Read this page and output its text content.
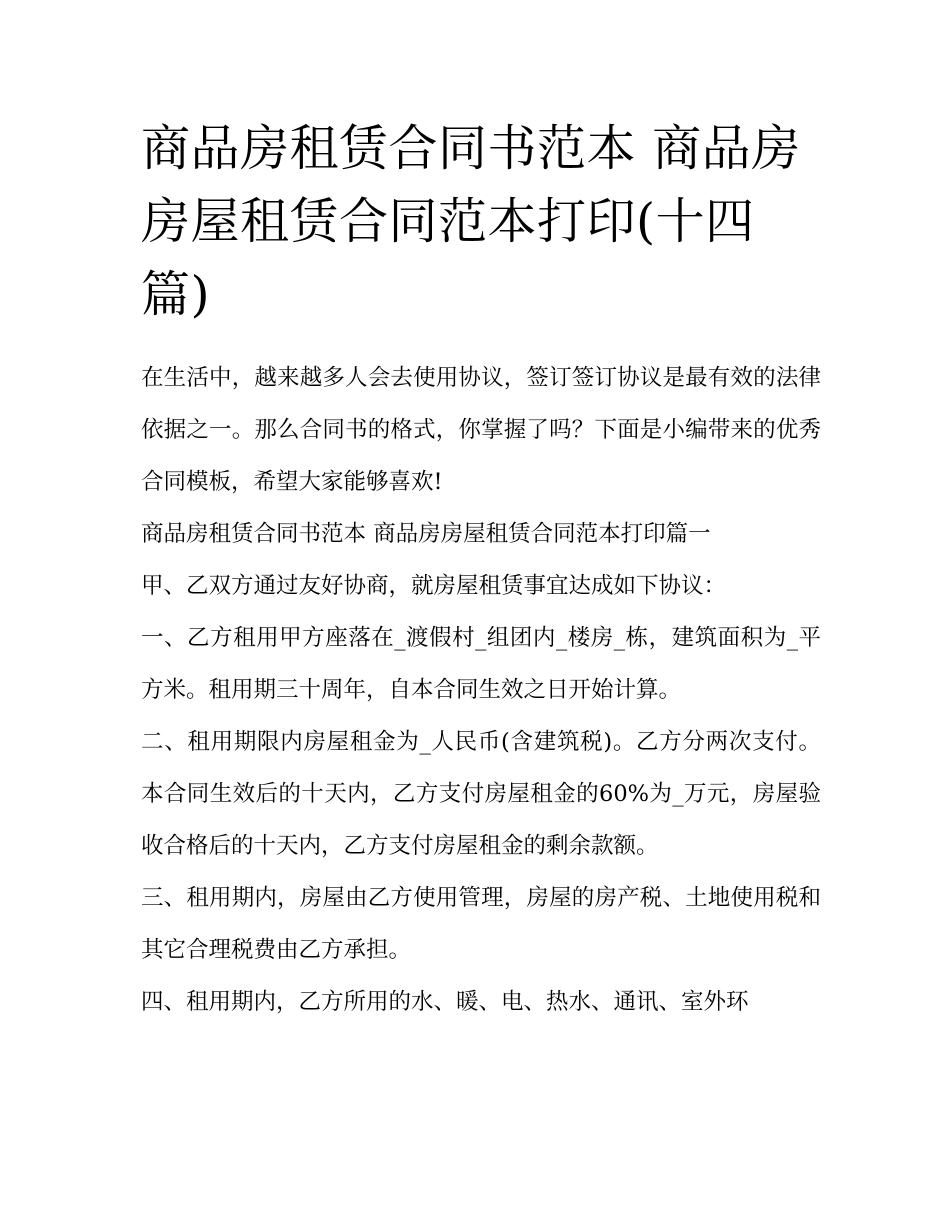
商品房租赁合同书范本 商品房房屋租赁合同范本打印(十四篇)

在生活中，越来越多人会去使用协议，签订签订协议是最有效的法律依据之一。那么合同书的格式，你掌握了吗？下面是小编带来的优秀合同模板，希望大家能够喜欢!

商品房租赁合同书范本 商品房房屋租赁合同范本打印篇一

甲、乙双方通过友好协商，就房屋租赁事宜达成如下协议：

一、乙方租用甲方座落在_渡假村_组团内_楼房_栋，建筑面积为_平方米。租用期三十周年，自本合同生效之日开始计算。

二、租用期限内房屋租金为_人民币(含建筑税)。乙方分两次支付。本合同生效后的十天内，乙方支付房屋租金的60%为_万元，房屋验收合格后的十天内，乙方支付房屋租金的剩余款额。

三、租用期内，房屋由乙方使用管理，房屋的房产税、土地使用税和其它合理税费由乙方承担。

四、租用期内，乙方所用的水、暖、电、热水、通讯、室外环
